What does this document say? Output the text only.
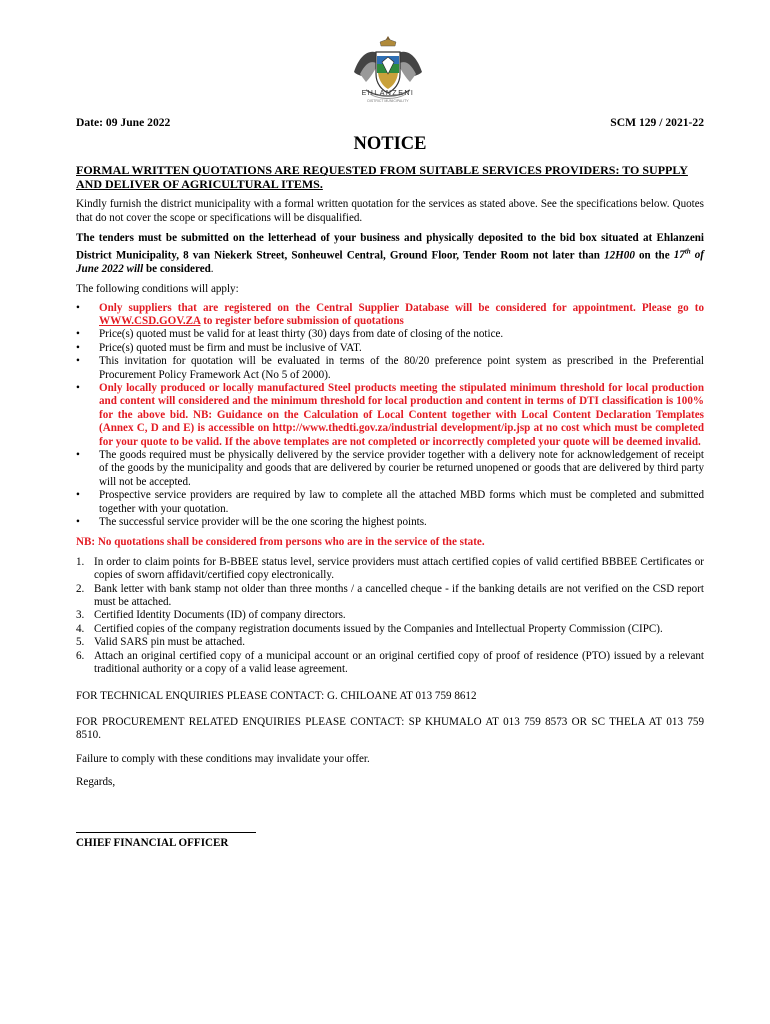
EHLANZENI
DISTRICT MUNICIPALITY
Date: 09 June 2022	SCM 129 / 2021-22
NOTICE
FORMAL WRITTEN QUOTATIONS ARE REQUESTED FROM SUITABLE SERVICES PROVIDERS: TO SUPPLY AND DELIVER OF AGRICULTURAL ITEMS.

Kindly furnish the district municipality with a formal written quotation for the services as stated above. See the specifications below. Quotes that do not cover the scope or specifications will be disqualified.

The tenders must be submitted on the letterhead of your business and physically deposited to the bid box situated at Ehlanzeni District Municipality, 8 van Niekerk Street, Sonheuwel Central, Ground Floor, Tender Room not later than 12H00 on the 17th of June 2022 will be considered.

The following conditions will apply:

• Only suppliers that are registered on the Central Supplier Database will be considered for appointment. Please go to WWW.CSD.GOV.ZA to register before submission of quotations
• Price(s) quoted must be valid for at least thirty (30) days from date of closing of the notice.
• Price(s) quoted must be firm and must be inclusive of VAT.
• This invitation for quotation will be evaluated in terms of the 80/20 preference point system as prescribed in the Preferential Procurement Policy Framework Act (No 5 of 2000).
• Only locally produced or locally manufactured Steel products meeting the stipulated minimum threshold for local production and content will considered and the minimum threshold for local production and content in terms of DTI classification is 100% for the above bid. NB: Guidance on the Calculation of Local Content together with Local Content Declaration Templates (Annex C, D and E) is accessible on http://www.thedti.gov.za/industrial development/ip.jsp at no cost which must be completed for your quote to be valid. If the above templates are not completed or incorrectly completed your quote will be deemed invalid.
• The goods required must be physically delivered by the service provider together with a delivery note for acknowledgement of receipt of the goods by the municipality and goods that are delivered by courier be returned unopened or goods that are delivered by third party will not be accepted.
• Prospective service providers are required by law to complete all the attached MBD forms which must be completed and submitted together with your quotation.
• The successful service provider will be the one scoring the highest points.

NB: No quotations shall be considered from persons who are in the service of the state.

1. In order to claim points for B-BBEE status level, service providers must attach certified copies of valid certified BBBEE Certificates or copies of sworn affidavit/certified copy electronically.
2. Bank letter with bank stamp not older than three months / a cancelled cheque - if the banking details are not verified on the CSD report must be attached.
3. Certified Identity Documents (ID) of company directors.
4. Certified copies of the company registration documents issued by the Companies and Intellectual Property Commission (CIPC).
5. Valid SARS pin must be attached.
6. Attach an original certified copy of a municipal account or an original certified copy of proof of residence (PTO) issued by a relevant traditional authority or a copy of a valid lease agreement.

FOR TECHNICAL ENQUIRIES PLEASE CONTACT: G. CHILOANE AT 013 759 8612

FOR PROCUREMENT RELATED ENQUIRIES PLEASE CONTACT: SP KHUMALO AT 013 759 8573 OR SC THELA AT 013 759 8510.

Failure to comply with these conditions may invalidate your offer.

Regards,

CHIEF FINANCIAL OFFICER
